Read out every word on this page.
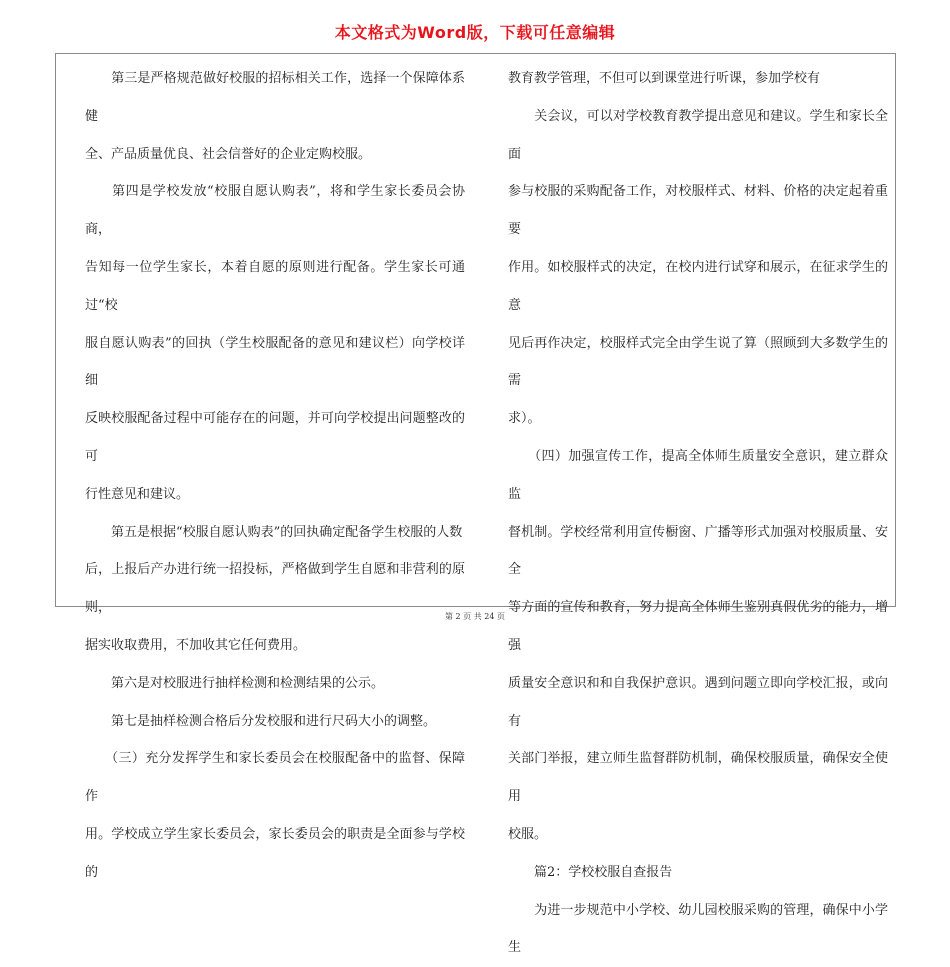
本文格式为Word版，下载可任意编辑

　　第三是严格规范做好校服的招标相关工作，选择一个保障体系健

全、产品质量优良、社会信誉好的企业定购校服。

　　第四是学校发放“校服自愿认购表”，将和学生家长委员会协商，

告知每一位学生家长，本着自愿的原则进行配备。学生家长可通过“校

服自愿认购表”的回执（学生校服配备的意见和建议栏）向学校详细

反映校服配备过程中可能存在的问题，并可向学校提出问题整改的可

行性意见和建议。

　　第五是根据“校服自愿认购表”的回执确定配备学生校服的人数

后，上报后产办进行统一招投标，严格做到学生自愿和非营利的原则，

据实收取费用，不加收其它任何费用。

　　第六是对校服进行抽样检测和检测结果的公示。

　　第七是抽样检测合格后分发校服和进行尺码大小的调整。

　　（三）充分发挥学生和家长委员会在校服配备中的监督、保障作

用。学校成立学生家长委员会，家长委员会的职责是全面参与学校的

教育教学管理，不但可以到课堂进行听课，参加学校有

　　关会议，可以对学校教育教学提出意见和建议。学生和家长全面

参与校服的采购配备工作，对校服样式、材料、价格的决定起着重要

作用。如校服样式的决定，在校内进行试穿和展示，在征求学生的意

见后再作决定，校服样式完全由学生说了算（照顾到大多数学生的需

求）。

　　（四）加强宣传工作，提高全体师生质量安全意识，建立群众监

督机制。学校经常利用宣传橱窗、广播等形式加强对校服质量、安全

等方面的宣传和教育，努力提高全体师生鉴别真假优劣的能力，增强

质量安全意识和和自我保护意识。遇到问题立即向学校汇报，或向有

关部门举报，建立师生监督群防机制，确保校服质量，确保安全使用

校服。

　　篇2：学校校服自查报告

　　为进一步规范中小学校、幼儿园校服采购的管理，确保中小学生

第 2 页 共 24 页
